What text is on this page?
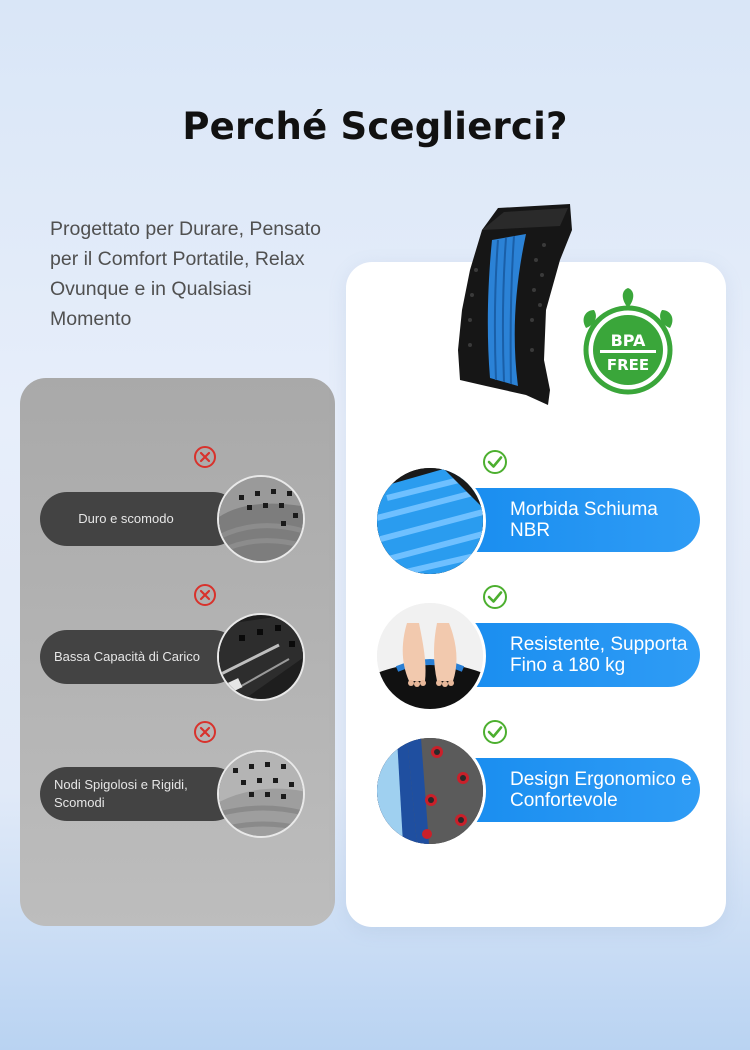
Perché Sceglierci?

Progettato per Durare, Pensato per il Comfort Portatile, Relax Ovunque e in Qualsiasi Momento

BPA
FREE
Duro e scomodo
Bassa Capacità di Carico
Nodi Spigolosi e Rigidi, Scomodi
Morbida Schiuma NBR
Resistente, Supporta Fino a 180 kg
Design Ergonomico e Confortevole
